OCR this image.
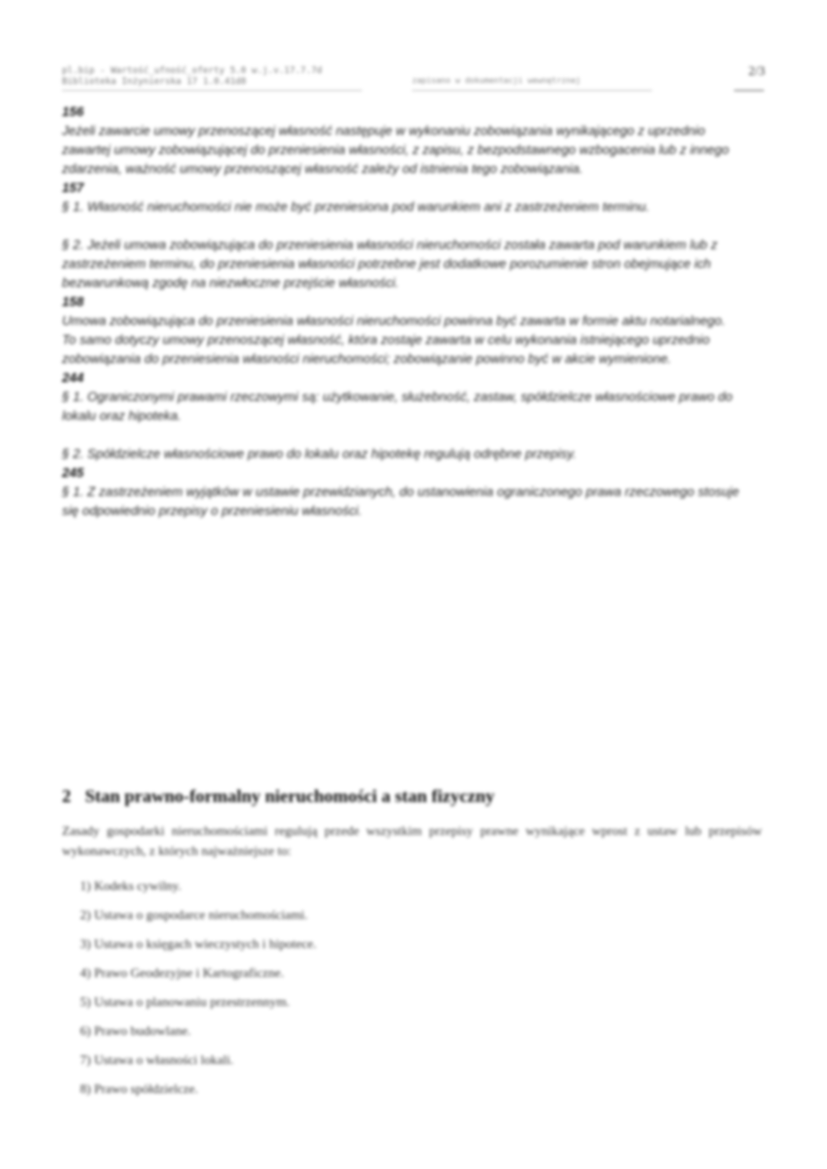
pl.bip - Wartość_ufność_oferty 5.0 w.j.v.17.7.7d
Biblioteka Inżynierska 17 1.0.41d8	zapisano w dokumentacji wewnętrznej
2/3
156

Jeżeli zawarcie umowy przenoszącej własność następuje w wykonaniu zobowiązania wynikającego z uprzednio zawartej umowy zobowiązującej do przeniesienia własności, z zapisu, z bezpodstawnego wzbogacenia lub z innego zdarzenia, ważność umowy przenoszącej własność zależy od istnienia tego zobowiązania.

157

§ 1. Własność nieruchomości nie może być przeniesiona pod warunkiem ani z zastrzeżeniem terminu.

§ 2. Jeżeli umowa zobowiązująca do przeniesienia własności nieruchomości została zawarta pod warunkiem lub z zastrzeżeniem terminu, do przeniesienia własności potrzebne jest dodatkowe porozumienie stron obejmujące ich bezwarunkową zgodę na niezwłoczne przejście własności.

158

Umowa zobowiązująca do przeniesienia własności nieruchomości powinna być zawarta w formie aktu notarialnego. To samo dotyczy umowy przenoszącej własność, która zostaje zawarta w celu wykonania istniejącego uprzednio zobowiązania do przeniesienia własności nieruchomości; zobowiązanie powinno być w akcie wymienione.

244

§ 1. Ograniczonymi prawami rzeczowymi są: użytkowanie, służebność, zastaw, spółdzielcze własnościowe prawo do lokalu oraz hipoteka.

§ 2. Spółdzielcze własnościowe prawo do lokalu oraz hipotekę regulują odrębne przepisy.

245

§ 1. Z zastrzeżeniem wyjątków w ustawie przewidzianych, do ustanowienia ograniczonego prawa rzeczowego stosuje się odpowiednio przepisy o przeniesieniu własności.

2 Stan prawno-formalny nieruchomości a stan fizyczny

Zasady gospodarki nieruchomościami regulują przede wszystkim przepisy prawne wynikające wprost z ustaw lub przepisów wykonawczych, z których najważniejsze to:

1) Kodeks cywilny.
2) Ustawa o gospodarce nieruchomościami.
3) Ustawa o księgach wieczystych i hipotece.
4) Prawo Geodezyjne i Kartograficzne.
5) Ustawa o planowaniu przestrzennym.
6) Prawo budowlane.
7) Ustawa o własności lokali.
8) Prawo spółdzielcze.
